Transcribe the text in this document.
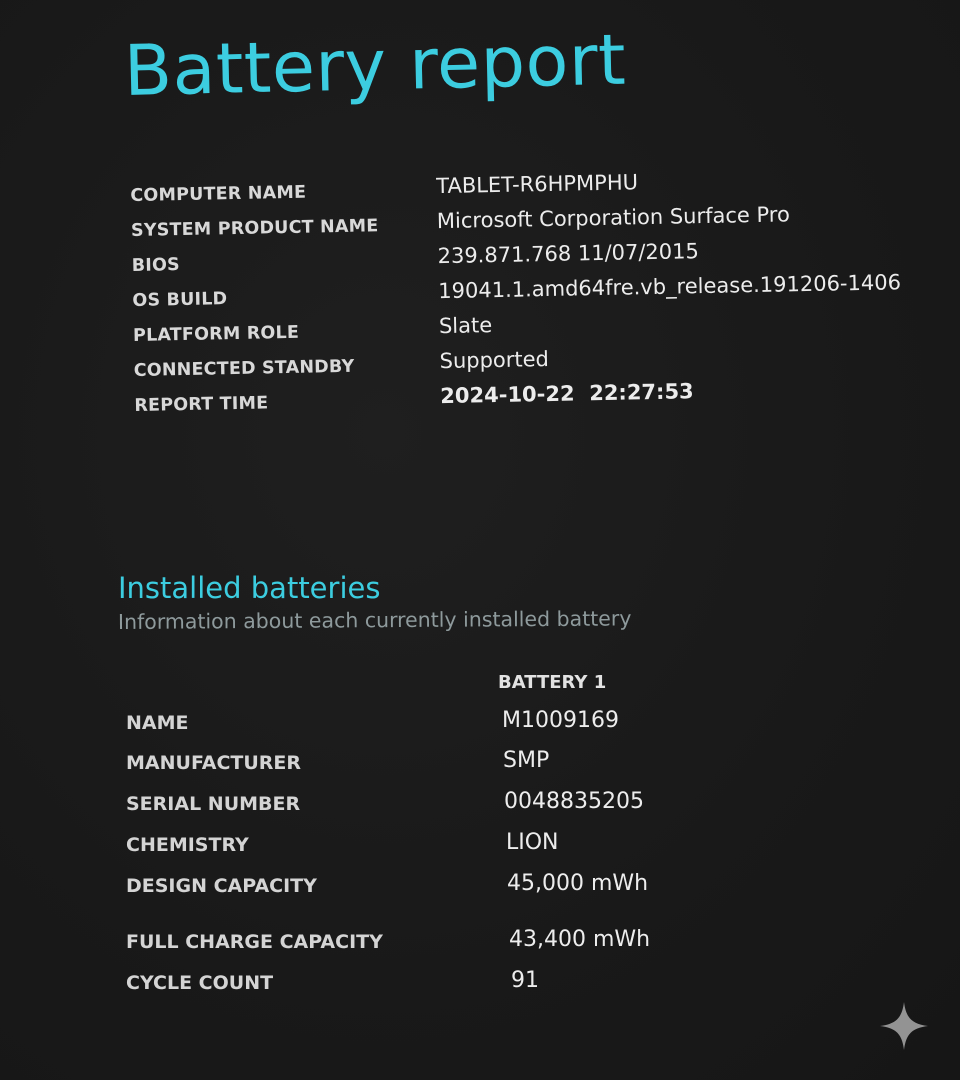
Battery report
COMPUTER NAME	TABLET-R6HPMPHU
SYSTEM PRODUCT NAME	Microsoft Corporation Surface Pro
BIOS	239.871.768 11/07/2015
OS BUILD	19041.1.amd64fre.vb_release.191206-1406
PLATFORM ROLE	Slate
CONNECTED STANDBY	Supported
REPORT TIME	2024-10-22  22:27:53
Installed batteries
Information about each currently installed battery
BATTERY 1
NAME	M1009169
MANUFACTURER	SMP
SERIAL NUMBER	0048835205
CHEMISTRY	LION
DESIGN CAPACITY	45,000 mWh
FULL CHARGE CAPACITY	43,400 mWh
CYCLE COUNT	91
